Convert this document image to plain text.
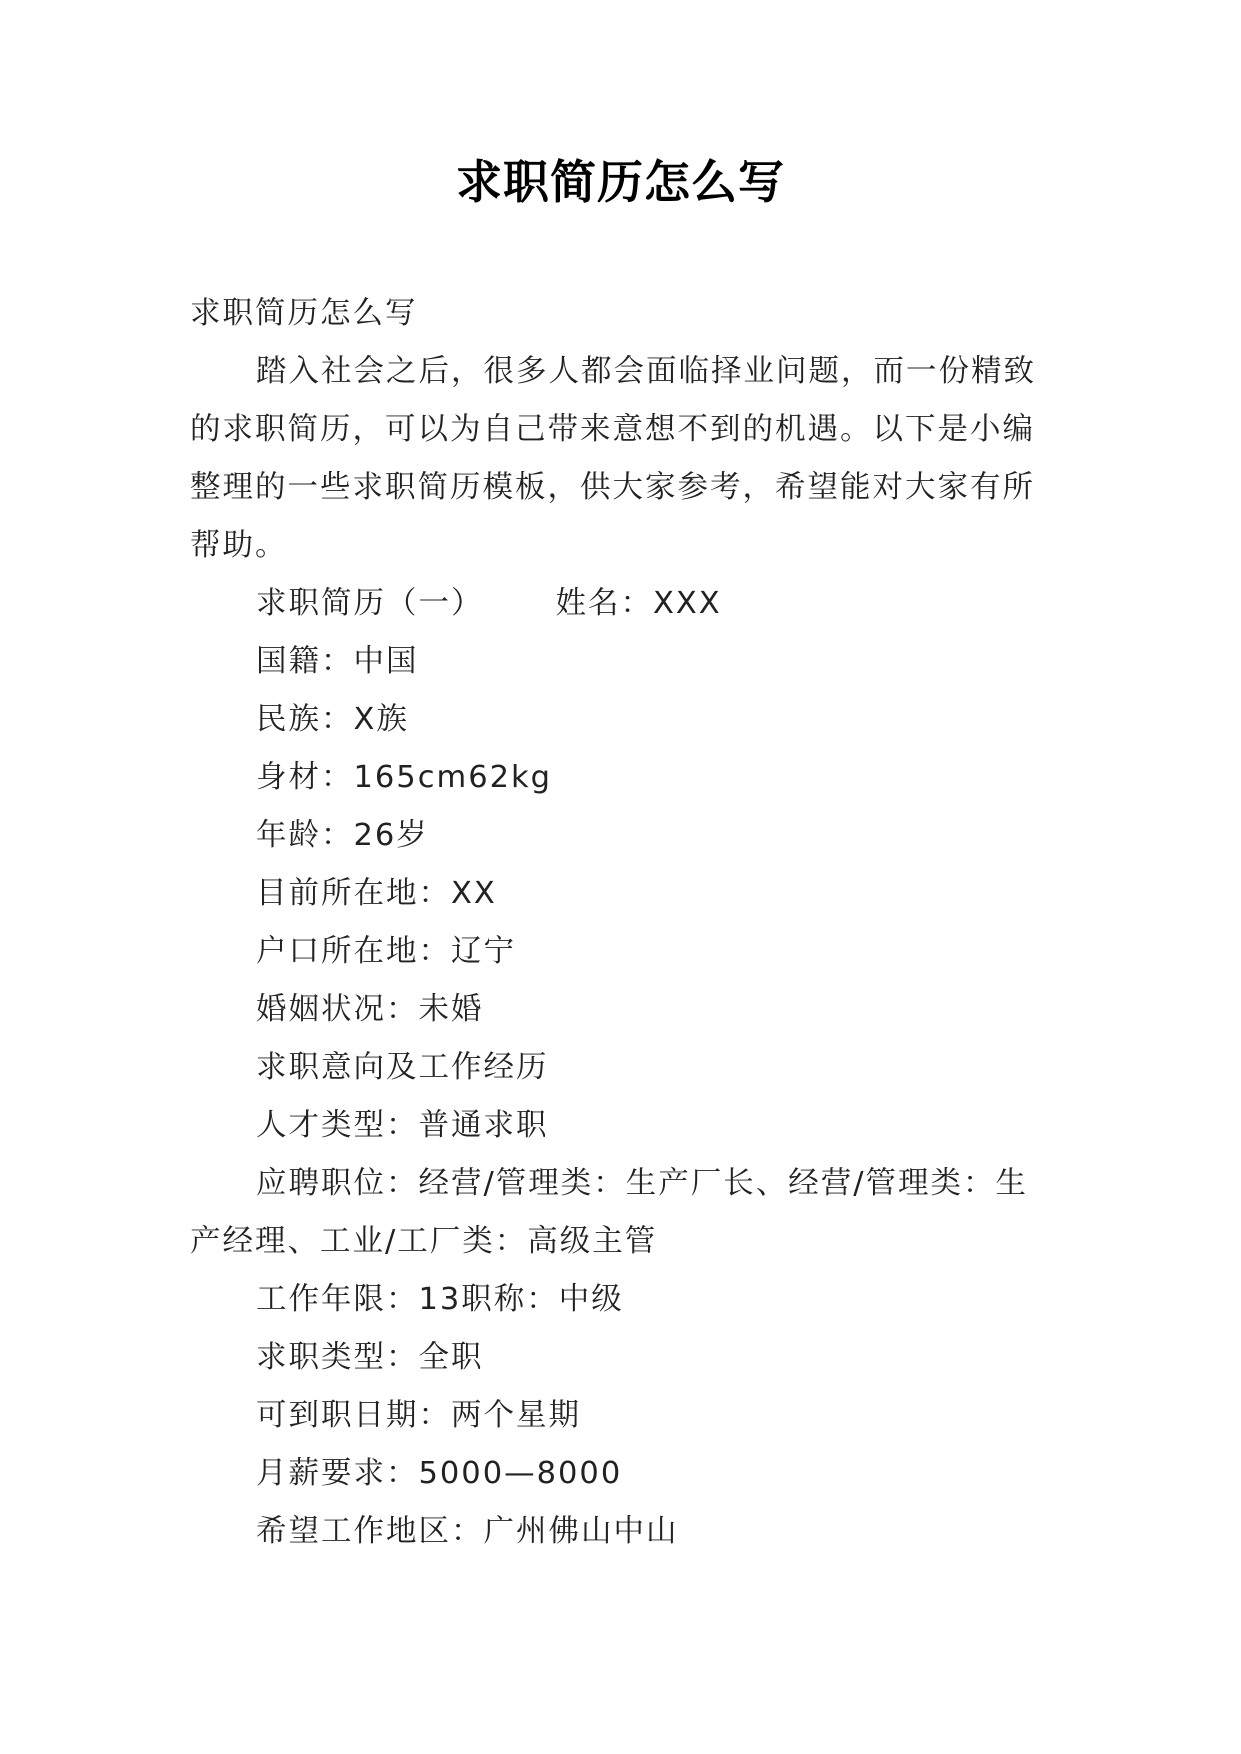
求职简历怎么写

求职简历怎么写

踏入社会之后，很多人都会面临择业问题，而一份精致的求职简历，可以为自己带来意想不到的机遇。以下是小编整理的一些求职简历模板，供大家参考，希望能对大家有所帮助。

求职简历（一） 姓名：XXX

国籍：中国

民族：X族

身材：165cm62kg

年龄：26岁

目前所在地：XX

户口所在地：辽宁

婚姻状况：未婚

求职意向及工作经历

人才类型：普通求职

应聘职位：经营/管理类：生产厂长、经营/管理类：生产经理、工业/工厂类：高级主管

工作年限：13职称：中级

求职类型：全职

可到职日期：两个星期

月薪要求：5000—8000

希望工作地区：广州佛山中山
